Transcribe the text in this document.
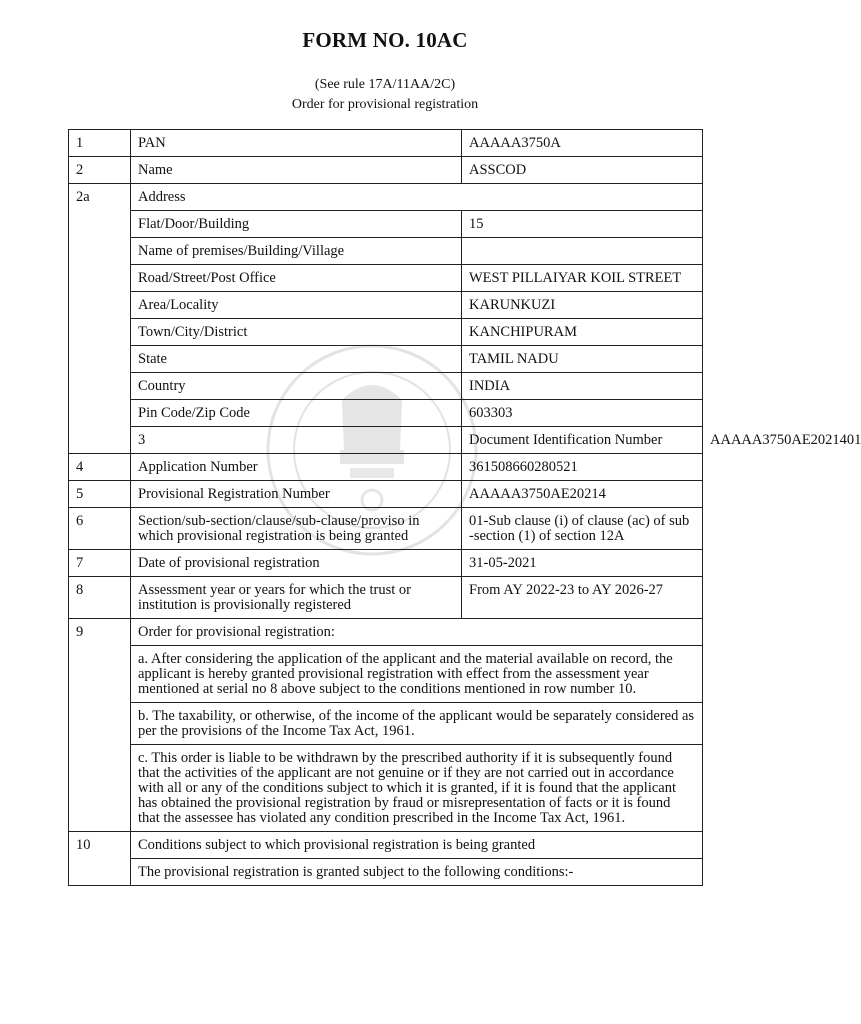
FORM NO. 10AC
(See rule 17A/11AA/2C)
Order for provisional registration
1	PAN	AAAAA3750A	
2	Name	ASSCOD	
2a	Address		
	Flat/Door/Building	15	
	Name of premises/Building/Village		
	Road/Street/Post Office	WEST PILLAIYAR KOIL STREET	
	Area/Locality	KARUNKUZI	
	Town/City/District	KANCHIPURAM	
	State	TAMIL NADU	
	Country	INDIA	
	Pin Code/Zip Code	603303	
	3	Document Identification Number	AAAAA3750AE2021401
4	Application Number	361508660280521	
5	Provisional Registration Number	AAAAA3750AE20214	
6	Section/sub-section/clause/sub-clause/proviso in which provisional registration is being granted	01-Sub clause (i) of clause (ac) of sub -section (1) of section 12A	
7	Date of provisional registration	31-05-2021	
8	Assessment year or years for which the trust or institution is provisionally registered	From AY 2022-23 to AY 2026-27	
9	Order for provisional registration:		
	a. After considering the application of the applicant and the material available on record, the applicant is hereby granted provisional registration with effect from the assessment year mentioned at serial no 8 above subject to the conditions mentioned in row number 10.		
	b. The taxability, or otherwise, of the income of the applicant would be separately considered as per the provisions of the Income Tax Act, 1961.		
	c. This order is liable to be withdrawn by the prescribed authority if it is subsequently found that the activities of the applicant are not genuine or if they are not carried out in accordance with all or any of the conditions subject to which it is granted, if it is found that the applicant has obtained the provisional registration by fraud or misrepresentation of facts or it is found that the assessee has violated any condition prescribed in the Income Tax Act, 1961.		
10	Conditions subject to which provisional registration is being granted		
	The provisional registration is granted subject to the following conditions:-		
